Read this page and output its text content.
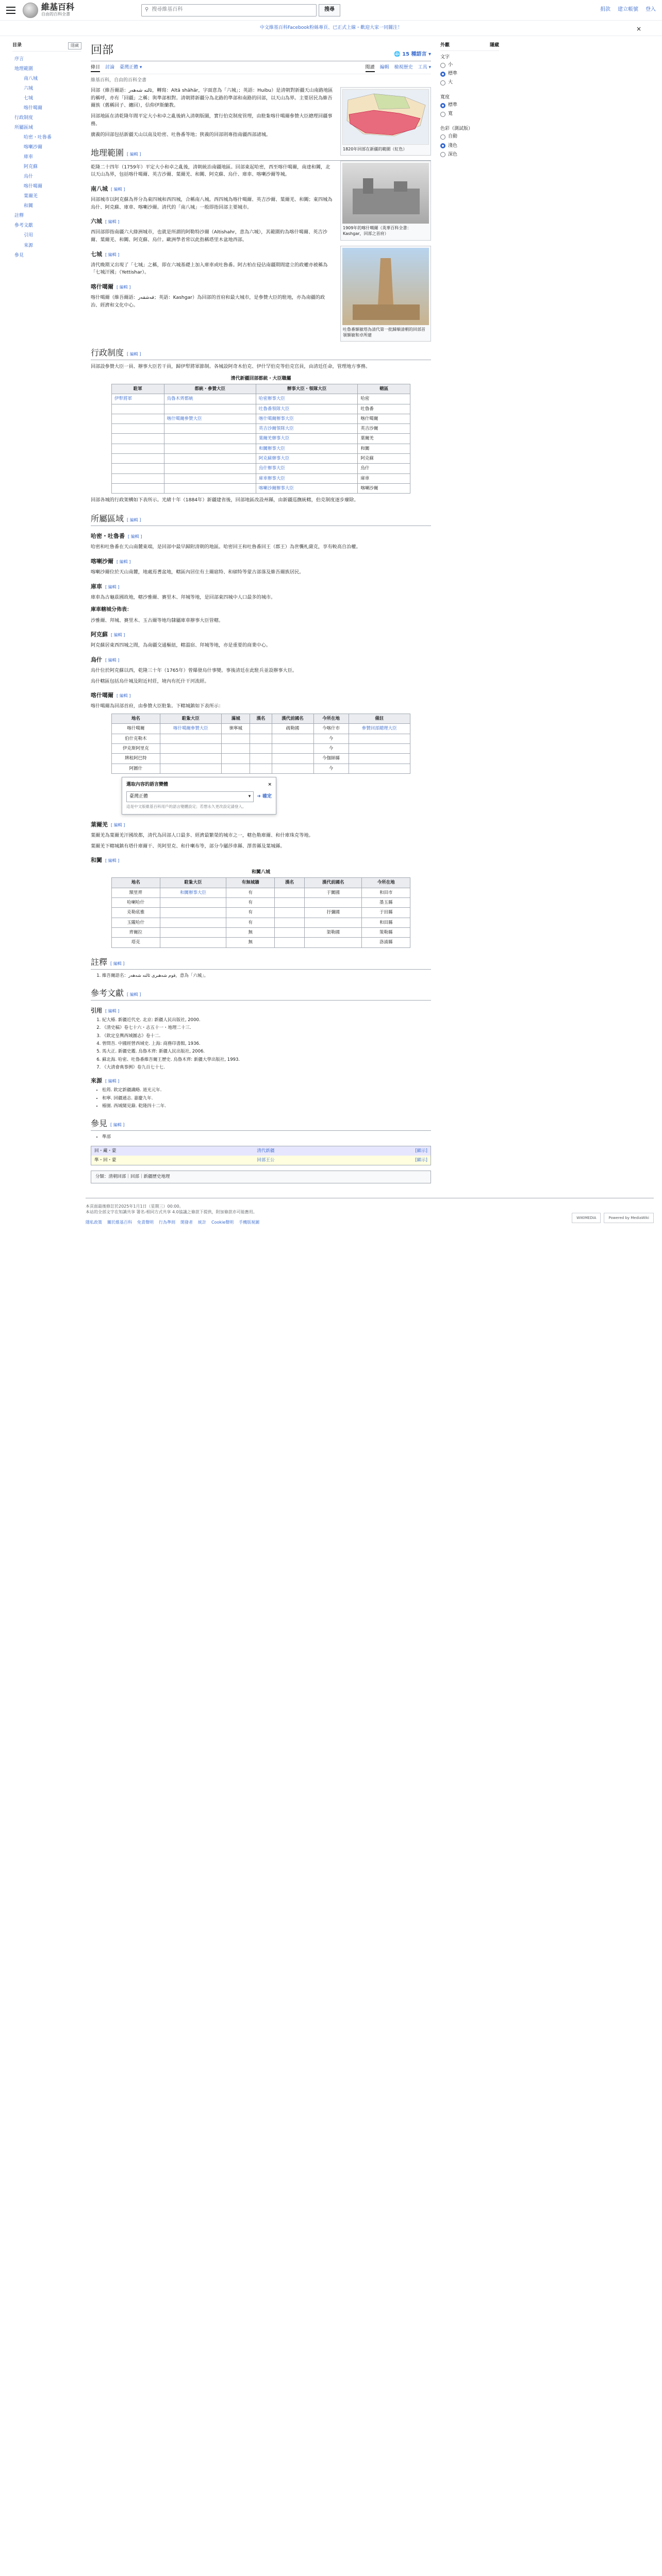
維基百科
自由的百科全書
⚲ 搜尋維基百科	搜尋	捐款 建立帳號 登入
中文維基百科Facebook粉絲專頁、已正式上線・歡迎大家一同關注！	×
目录	隱藏
序言
地理範圍
南八城
六城
七城
喀什噶爾
行政制度
所屬區域
哈密・吐魯番
喀喇沙爾
庫車
阿克蘇
烏什
喀什噶爾
葉爾羌
和闐
註釋
參考文獻
引用
來源
參見
回部	🌐 15 種語言 ▾
條目 討論 臺灣正體 ▾	閱讀 編輯 檢視歷史 工具 ▾
維基百科，自由的百科全書
1820年回部在新疆的範圍（紅色）

回部（維吾爾語：ئالتە شەھەر，轉寫：Altä shähär，字面意為「六城」；英語：Huibu）是清朝對新疆天山南路地區的稱呼，亦有「回疆」之稱；與準部相對。清朝將新疆分為北路的準部和南路的回部，以天山為界。主要居民為維吾爾族（舊稱回子、纏回），信仰伊斯蘭教。

回部地區在清乾隆年間平定大小和卓之亂後納入清朝版圖，實行伯克制度管理，由駐紮喀什噶爾參贊大臣總理回疆事務。

廣義的回部包括新疆天山以南及哈密、吐魯番等地；狹義的回部則專指南疆西部諸城。

1909年的喀什噶爾（英華百科全書：Kashgar，回部之首府）
地理範圍 [ 編輯 ]

乾隆二十四年（1759年）平定大小和卓之亂後，清朝統治南疆地區。回部東起哈密，西至喀什噶爾，南達和闐，北以天山為界，包括喀什噶爾、英吉沙爾、葉爾羌、和闐、阿克蘇、烏什、庫車、喀喇沙爾等城。

吐魯番額敏塔為清代第一批歸順清朝的回部首領額敏和卓所建
南八城 [ 編輯 ]

回部城市以阿克蘇為界分為東四城和西四城，合稱南八城。西四城為喀什噶爾、英吉沙爾、葉爾羌、和闐；東四城為烏什、阿克蘇、庫車、喀喇沙爾。清代的「南八城」一般即指回部主要城市。

六城 [ 編輯 ]

西回部即指南疆六大綠洲城市，也就是所謂的阿勒特沙爾（Altishahr，意為六城），其範圍約為喀什噶爾、英吉沙爾、葉爾羌、和闐、阿克蘇、烏什。歐洲學者常以此指稱塔里木盆地西部。

七城 [ 編輯 ]

清代晚期又出現了「七城」之稱，即在六城基礎上加入庫車或吐魯番。阿古柏在侵佔南疆期間建立的政權亦被稱為「七城汗國」（Yettishar）。

喀什噶爾 [ 編輯 ]

喀什噶爾（維吾爾語：قەشقەر；英語：Kashgar）為回部的首府和最大城市，是參贊大臣的駐地，亦為南疆的政治、經濟和文化中心。

行政制度 [ 編輯 ]

回部設參贊大臣一員、辦事大臣若干員，歸伊犁將軍節制。各城設阿奇木伯克、伊什罕伯克等伯克官員，由清廷任命，管理地方事務。

清代新疆回部都統・大臣職屬
駐軍	都統・參贊大臣	辦事大臣・領隊大臣	轄區
伊犁將軍	烏魯木齊都統	哈密辦事大臣	哈密
		吐魯番領隊大臣	吐魯番
	喀什噶爾參贊大臣	喀什噶爾辦事大臣	喀什噶爾
		英吉沙爾領隊大臣	英吉沙爾
		葉爾羌辦事大臣	葉爾羌
		和闐辦事大臣	和闐
		阿克蘇辦事大臣	阿克蘇
		烏什辦事大臣	烏什
		庫車辦事大臣	庫車
		喀喇沙爾辦事大臣	喀喇沙爾

回部各城的行政架構如下表所示。光緒十年（1884年）新疆建省後，回部地區改設州縣，由新疆巡撫統轄，伯克制度逐步廢除。

所屬區域 [ 編輯 ]
哈密・吐魯番 [ 編輯 ]

哈密和吐魯番在天山南麓東端，是回部中最早歸附清朝的地區。哈密回王和吐魯番回王（郡王）為世襲札薩克，享有較高自治權。

喀喇沙爾 [ 編輯 ]

喀喇沙爾位於天山南麓，地處焉耆盆地，轄區內居住有土爾扈特、和碩特等蒙古部落及維吾爾族居民。

庫車 [ 編輯 ]

庫車為古龜茲國故地，轄沙雅爾、賽里木、拜城等地，是回部東四城中人口最多的城市。

庫車轄城分佈表：

沙雅爾、拜城、賽里木、玉古爾等地均隸屬庫車辦事大臣管轄。

阿克蘇 [ 編輯 ]

阿克蘇居東西四城之間，為南疆交通樞紐，轄溫宿、拜城等地，亦是重要的商業中心。

烏什 [ 編輯 ]

烏什位於阿克蘇以西，乾隆三十年（1765年）曾爆發烏什事變。事後清廷在此駐兵並設辦事大臣。

烏什轄區包括烏什城及附近村莊，境內有托什干河流經。

喀什噶爾 [ 編輯 ]

喀什噶爾為回部首府，由參贊大臣駐紮。下轄城鎮如下表所示：

地名	駐紮大臣	滿城	漢名	漢代前國名	今所在地	備註
喀什噶爾	喀什噶爾參贊大臣	徠寧城		疏勒國	今喀什市	參贊回部總理大臣
伯什克勒木					今	
伊克斯阿里克					今	
牌租阿巴特					今伽師縣	
阿圖什					今	
選取內容的語言變體	×
臺灣正體	▾ ➜ 確定
這是中文版維基百科用戶的語言變體設定；若想永久更改設定請登入。
葉爾羌 [ 編輯 ]

葉爾羌為葉爾羌汗國故都，清代為回部人口最多、經濟最繁榮的城市之一，轄色勒庫爾、和什庫珠克等地。

葉爾羌下轄城鎮有塔什庫爾干、英阿里克、和什喇布等，部分今屬莎車縣、澤普縣及葉城縣。

和闐 [ 編輯 ]
和闐八城
地名	駐紮大臣	有無城牆	漢名	漢代前國名	今所在地
額里齊	和闐辦事大臣	有		于闐國	和田市
哈喇哈什		有			墨玉縣
克勒底雅		有		扜彌國	于田縣
玉隴哈什		有			和田縣
齊爾拉		無		渠勒國	策勒縣
塔克		無			洛浦縣
註釋 [ 編輯 ]
1. 維吾爾語名：قوم شەھىرى ئالتە شەھەر，意為「六城」。
參考文獻 [ 編輯 ]
引用 [ 編輯 ]
1. 紀大椿. 新疆近代史. 北京: 新疆人民出版社, 2000.
2. 《清史稿》卷七十六・志五十一・地理二十三.
3. 《欽定皇輿西域圖志》卷十二.
4. 曾問吾. 中國經營西域史. 上海: 商務印書館, 1936.
5. 馬大正. 新疆史鑑. 烏魯木齊: 新疆人民出版社, 2006.
6. 蘇北海. 哈密、吐魯番維吾爾王歷史. 烏魯木齊: 新疆大學出版社, 1993.
7. 《大清會典事例》卷九百七十七.
來源 [ 編輯 ]
• 松筠. 欽定新疆識略. 道光元年.
• 和寧. 回疆通志. 嘉慶九年.
• 椿園. 西域聞見錄. 乾隆四十二年.
參見 [ 編輯 ]
• 準部
回・藏・蒙	清代新疆	[顯示]
準・回・蒙	回部王公	[顯示]
分類：清朝回部｜回部｜新疆歷史地理
外觀	隱藏
文字
小
標準
大
寬度
標準
寬
色彩（測試版）
自動
淺色
深色
本頁面最後修訂於2025年1月1日（星期三）00:00。
本站的全部文字在知識共享 署名-相同方式共享 4.0協議之條款下提供，附加條款亦可能應用。
隱私政策 關於維基百科 免責聲明 行為準則 開發者 統計 Cookie聲明 手機版視圖
WIKIMEDIA	Powered by MediaWiki
